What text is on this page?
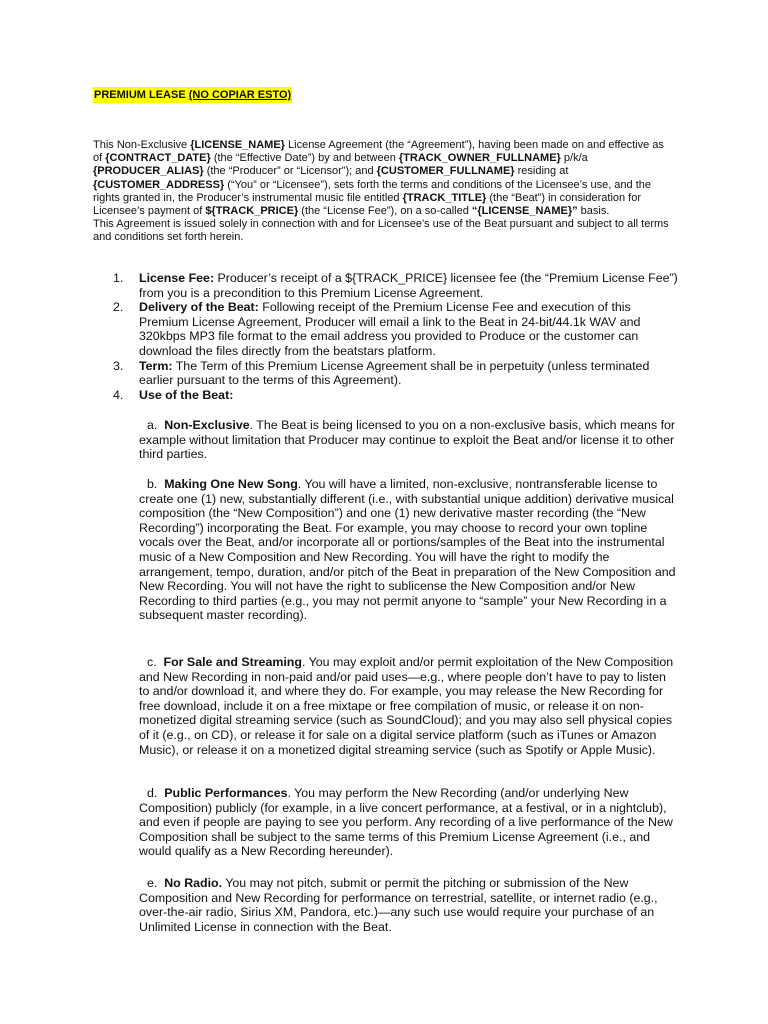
PREMIUM LEASE (NO COPIAR ESTO)
This Non-Exclusive {LICENSE_NAME} License Agreement (the “Agreement”), having been made on and effective as of {CONTRACT_DATE} (the “Effective Date”) by and between {TRACK_OWNER_FULLNAME} p/k/a {PRODUCER_ALIAS} (the “Producer” or “Licensor”); and {CUSTOMER_FULLNAME} residing at {CUSTOMER_ADDRESS} (“You” or “Licensee”), sets forth the terms and conditions of the Licensee’s use, and the rights granted in, the Producer’s instrumental music file entitled {TRACK_TITLE} (the “Beat”) in consideration for Licensee’s payment of ${TRACK_PRICE} (the “License Fee”), on a so-called “{LICENSE_NAME}” basis.
This Agreement is issued solely in connection with and for Licensee's use of the Beat pursuant and subject to all terms and conditions set forth herein.
1.	License Fee: Producer’s receipt of a ${TRACK_PRICE} licensee fee (the “Premium License Fee”) from you is a precondition to this Premium License Agreement.
2.	Delivery of the Beat: Following receipt of the Premium License Fee and execution of this Premium License Agreement, Producer will email a link to the Beat in 24-bit/44.1k WAV and 320kbps MP3 file format to the email address you provided to Produce or the customer can download the files directly from the beatstars platform.
3.	Term: The Term of this Premium License Agreement shall be in perpetuity (unless terminated earlier pursuant to the terms of this Agreement).
4.	Use of the Beat:
a. Non-Exclusive. The Beat is being licensed to you on a non-exclusive basis, which means for example without limitation that Producer may continue to exploit the Beat and/or license it to other third parties.
b. Making One New Song. You will have a limited, non-exclusive, nontransferable license to create one (1) new, substantially different (i.e., with substantial unique addition) derivative musical composition (the “New Composition”) and one (1) new derivative master recording (the “New Recording”) incorporating the Beat. For example, you may choose to record your own topline vocals over the Beat, and/or incorporate all or portions/samples of the Beat into the instrumental music of a New Composition and New Recording. You will have the right to modify the arrangement, tempo, duration, and/or pitch of the Beat in preparation of the New Composition and New Recording. You will not have the right to sublicense the New Composition and/or New Recording to third parties (e.g., you may not permit anyone to “sample” your New Recording in a subsequent master recording).
c. For Sale and Streaming. You may exploit and/or permit exploitation of the New Composition and New Recording in non-paid and/or paid uses—e.g., where people don’t have to pay to listen to and/or download it, and where they do. For example, you may release the New Recording for free download, include it on a free mixtape or free compilation of music, or release it on non-monetized digital streaming service (such as SoundCloud); and you may also sell physical copies of it (e.g., on CD), or release it for sale on a digital service platform (such as iTunes or Amazon Music), or release it on a monetized digital streaming service (such as Spotify or Apple Music).
d. Public Performances. You may perform the New Recording (and/or underlying New Composition) publicly (for example, in a live concert performance, at a festival, or in a nightclub), and even if people are paying to see you perform. Any recording of a live performance of the New Composition shall be subject to the same terms of this Premium License Agreement (i.e., and would qualify as a New Recording hereunder).
e. No Radio. You may not pitch, submit or permit the pitching or submission of the New Composition and New Recording for performance on terrestrial, satellite, or internet radio (e.g., over-the-air radio, Sirius XM, Pandora, etc.)—any such use would require your purchase of an Unlimited License in connection with the Beat.
